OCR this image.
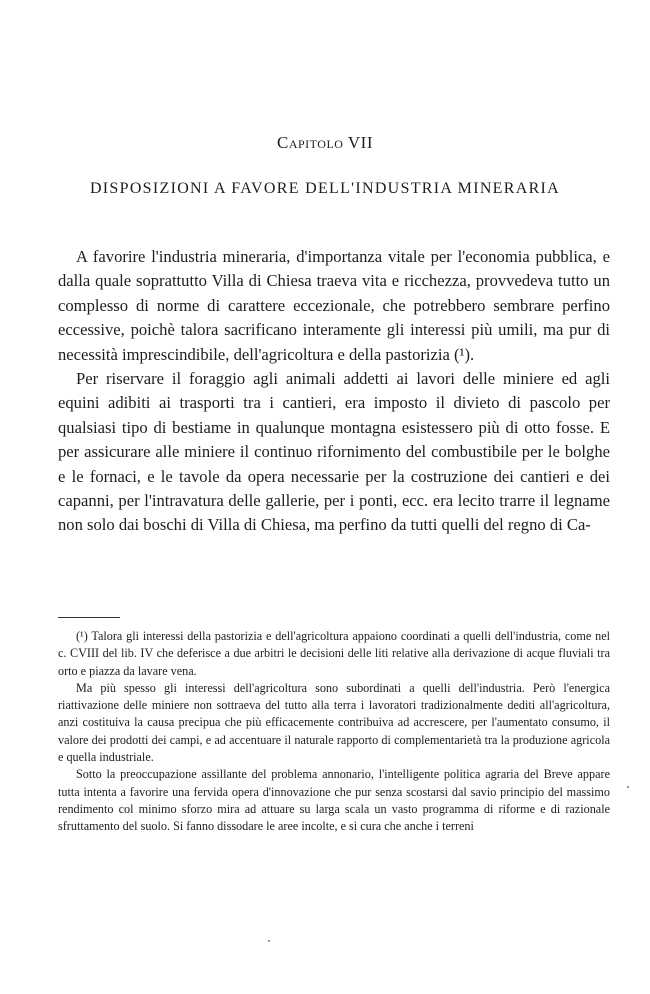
Capitolo VII
DISPOSIZIONI A FAVORE DELL'INDUSTRIA MINERARIA

A favorire l'industria mineraria, d'importanza vitale per l'economia pubblica, e dalla quale soprattutto Villa di Chiesa traeva vita e ricchezza, provvedeva tutto un complesso di norme di carattere eccezionale, che potrebbero sembrare perfino eccessive, poichè talora sacrificano interamente gli interessi più umili, ma pur di necessità imprescindibile, dell'agricoltura e della pastorizia (¹).

Per riservare il foraggio agli animali addetti ai lavori delle miniere ed agli equini adibiti ai trasporti tra i cantieri, era imposto il divieto di pascolo per qualsiasi tipo di bestiame in qualunque montagna esistessero più di otto fosse. E per assicurare alle miniere il continuo rifornimento del combustibile per le bolghe e le fornaci, e le tavole da opera necessarie per la costruzione dei cantieri e dei capanni, per l'intravatura delle gallerie, per i ponti, ecc. era lecito trarre il legname non solo dai boschi di Villa di Chiesa, ma perfino da tutti quelli del regno di Ca-

(¹) Talora gli interessi della pastorizia e dell'agricoltura appaiono coordinati a quelli dell'industria, come nel c. CVIII del lib. IV che deferisce a due arbitri le decisioni delle liti relative alla derivazione di acque fluviali tra orto e piazza da lavare vena.

Ma più spesso gli interessi dell'agricoltura sono subordinati a quelli dell'industria. Però l'energica riattivazione delle miniere non sottraeva del tutto alla terra i lavoratori tradizionalmente dediti all'agricoltura, anzi costituiva la causa precipua che più efficacemente contribuiva ad accrescere, per l'aumentato consumo, il valore dei prodotti dei campi, e ad accentuare il naturale rapporto di complementarietà tra la produzione agricola e quella industriale.

Sotto la preoccupazione assillante del problema annonario, l'intelligente politica agraria del Breve appare tutta intenta a favorire una fervida opera d'innovazione che pur senza scostarsi dal savio principio del massimo rendimento col minimo sforzo mira ad attuare su larga scala un vasto programma di riforme e di razionale sfruttamento del suolo. Si fanno dissodare le aree incolte, e si cura che anche i terreni
